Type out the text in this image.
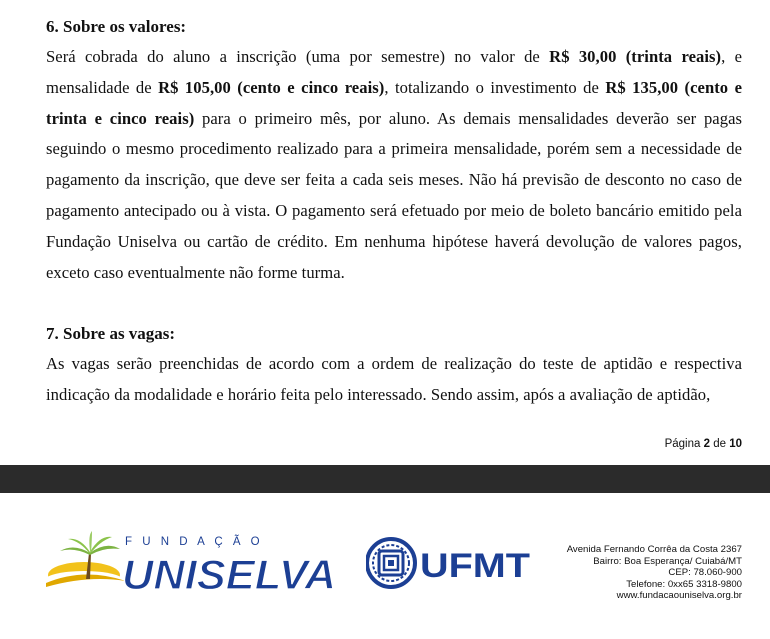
6. Sobre os valores:

Será cobrada do aluno a inscrição (uma por semestre) no valor de R$ 30,00 (trinta reais), e mensalidade de R$ 105,00 (cento e cinco reais), totalizando o investimento de R$ 135,00 (cento e trinta e cinco reais) para o primeiro mês, por aluno. As demais mensalidades deverão ser pagas seguindo o mesmo procedimento realizado para a primeira mensalidade, porém sem a necessidade de pagamento da inscrição, que deve ser feita a cada seis meses. Não há previsão de desconto no caso de pagamento antecipado ou à vista. O pagamento será efetuado por meio de boleto bancário emitido pela Fundação Uniselva ou cartão de crédito. Em nenhuma hipótese haverá devolução de valores pagos, exceto caso eventualmente não forme turma.

7. Sobre as vagas:

As vagas serão preenchidas de acordo com a ordem de realização do teste de aptidão e respectiva indicação da modalidade e horário feita pelo interessado. Sendo assim, após a avaliação de aptidão,

Página 2 de 10
F U N D A Ç Ã O
UNISELVA UFMT	Avenida Fernando Corrêa da Costa 2367
Bairro: Boa Esperança/ Cuiabá/MT
CEP: 78.060-900
Telefone: 0xx65 3318-9800
www.fundacaouniselva.org.br
